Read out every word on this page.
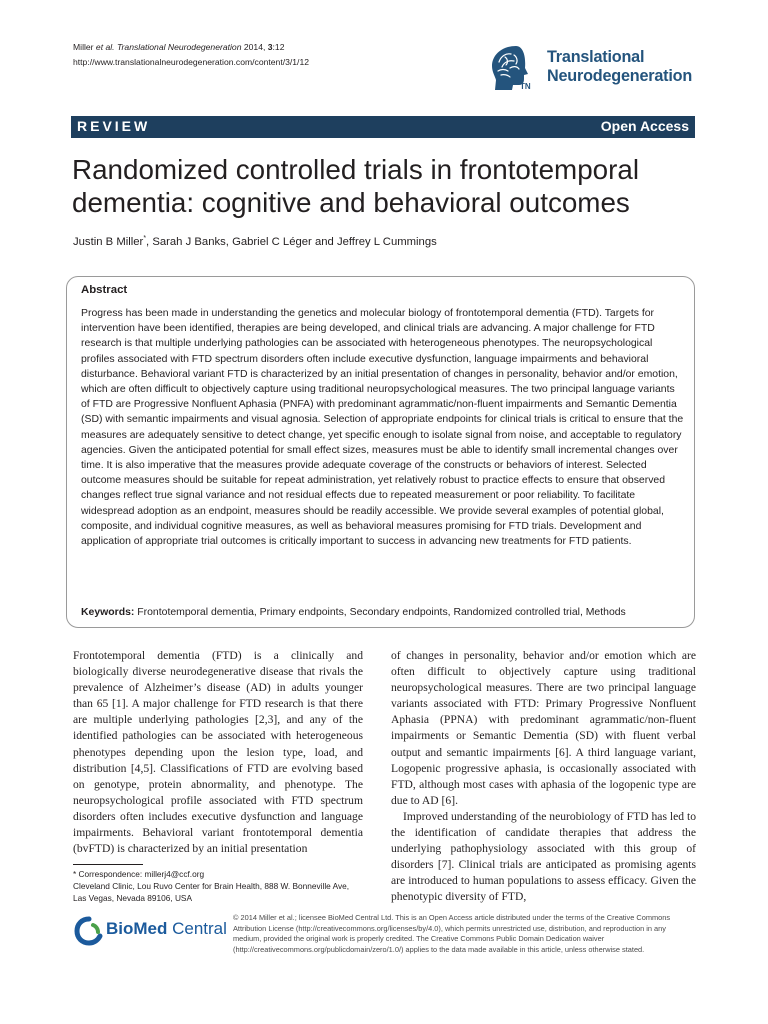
Miller et al. Translational Neurodegeneration 2014, 3:12
http://www.translationalneurodegeneration.com/content/3/1/12
TN
Translational
Neurodegeneration
REVIEW	Open Access
Randomized controlled trials in frontotemporal
dementia: cognitive and behavioral outcomes
Justin B Miller*, Sarah J Banks, Gabriel C Léger and Jeffrey L Cummings
Abstract
Progress has been made in understanding the genetics and molecular biology of frontotemporal dementia (FTD). Targets for intervention have been identified, therapies are being developed, and clinical trials are advancing. A major challenge for FTD research is that multiple underlying pathologies can be associated with heterogeneous phenotypes. The neuropsychological profiles associated with FTD spectrum disorders often include executive dysfunction, language impairments and behavioral disturbance. Behavioral variant FTD is characterized by an initial presentation of changes in personality, behavior and/or emotion, which are often difficult to objectively capture using traditional neuropsychological measures. The two principal language variants of FTD are Progressive Nonfluent Aphasia (PNFA) with predominant agrammatic/non-fluent impairments and Semantic Dementia (SD) with semantic impairments and visual agnosia. Selection of appropriate endpoints for clinical trials is critical to ensure that the measures are adequately sensitive to detect change, yet specific enough to isolate signal from noise, and acceptable to regulatory agencies. Given the anticipated potential for small effect sizes, measures must be able to identify small incremental changes over time. It is also imperative that the measures provide adequate coverage of the constructs or behaviors of interest. Selected outcome measures should be suitable for repeat administration, yet relatively robust to practice effects to ensure that observed changes reflect true signal variance and not residual effects due to repeated measurement or poor reliability. To facilitate widespread adoption as an endpoint, measures should be readily accessible. We provide several examples of potential global, composite, and individual cognitive measures, as well as behavioral measures promising for FTD trials. Development and application of appropriate trial outcomes is critically important to success in advancing new treatments for FTD patients.
Keywords: Frontotemporal dementia, Primary endpoints, Secondary endpoints, Randomized controlled trial, Methods

Frontotemporal dementia (FTD) is a clinically and biologically diverse neurodegenerative disease that rivals the prevalence of Alzheimer’s disease (AD) in adults younger than 65 [1]. A major challenge for FTD research is that there are multiple underlying pathologies [2,3], and any of the identified pathologies can be associated with heterogeneous phenotypes depending upon the lesion type, load, and distribution [4,5]. Classifications of FTD are evolving based on genotype, protein abnormality, and phenotype. The neuropsychological profile associated with FTD spectrum disorders often includes executive dysfunction and language impairments. Behavioral variant frontotemporal dementia (bvFTD) is characterized by an initial presentation

of changes in personality, behavior and/or emotion which are often difficult to objectively capture using traditional neuropsychological measures. There are two principal language variants associated with FTD: Primary Progressive Nonfluent Aphasia (PPNA) with predominant agrammatic/non-fluent impairments or Semantic Dementia (SD) with fluent verbal output and semantic impairments [6]. A third language variant, Logopenic progressive aphasia, is occasionally associated with FTD, although most cases with aphasia of the logopenic type are due to AD [6].

Improved understanding of the neurobiology of FTD has led to the identification of candidate therapies that address the underlying pathophysiology associated with this group of disorders [7]. Clinical trials are anticipated as promising agents are introduced to human populations to assess efficacy. Given the phenotypic diversity of FTD,

* Correspondence: millerj4@ccf.org
Cleveland Clinic, Lou Ruvo Center for Brain Health, 888 W. Bonneville Ave,
Las Vegas, Nevada 89106, USA
BioMed Central
© 2014 Miller et al.; licensee BioMed Central Ltd. This is an Open Access article distributed under the terms of the Creative Commons Attribution License (http://creativecommons.org/licenses/by/4.0), which permits unrestricted use, distribution, and reproduction in any medium, provided the original work is properly credited. The Creative Commons Public Domain Dedication waiver (http://creativecommons.org/publicdomain/zero/1.0/) applies to the data made available in this article, unless otherwise stated.
